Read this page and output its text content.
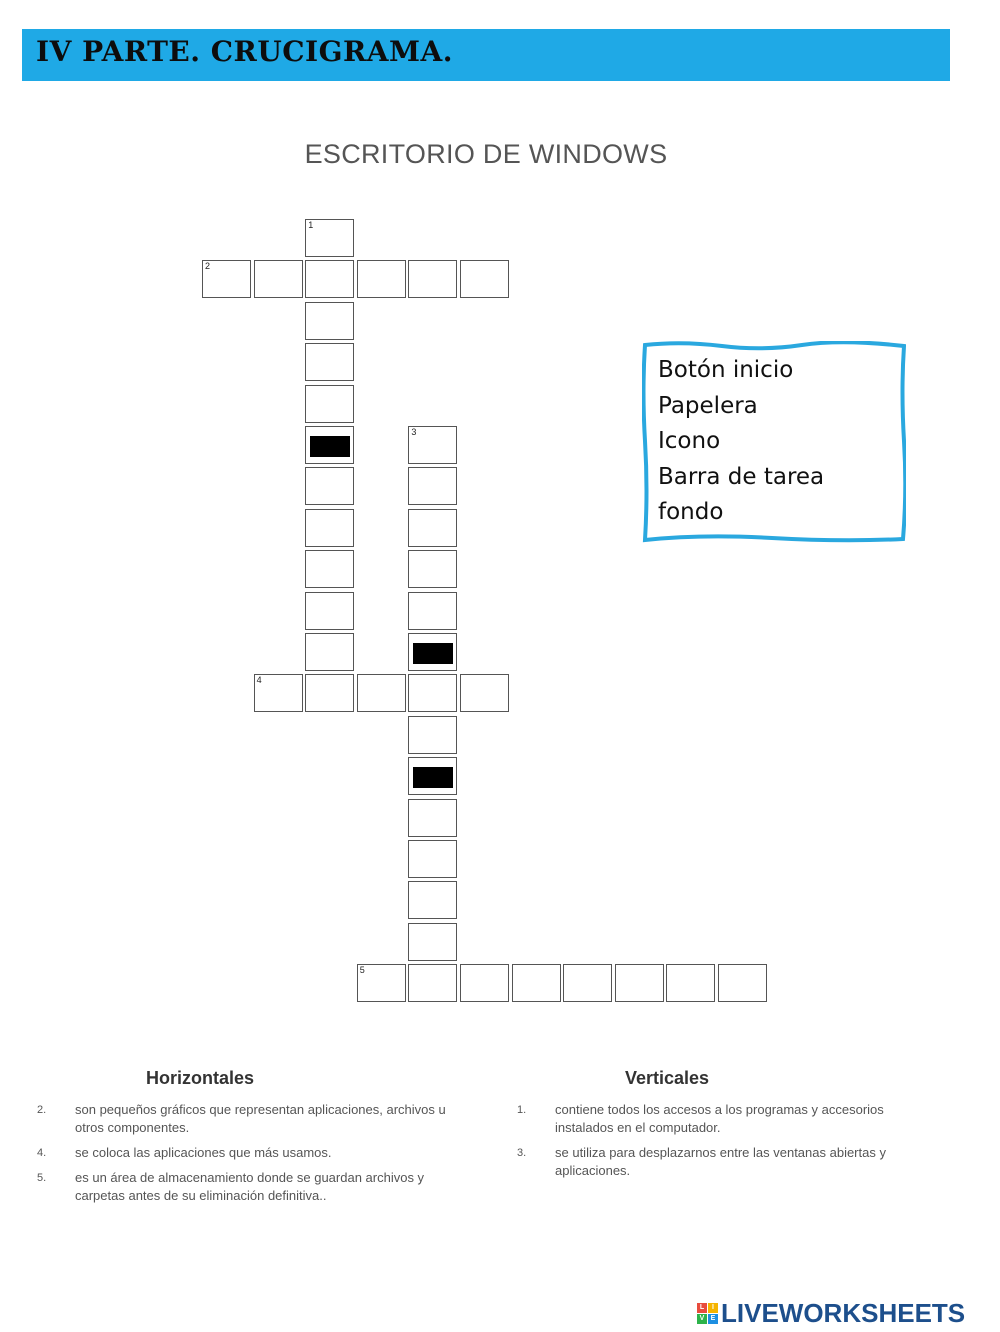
IV PARTE. CRUCIGRAMA.
ESCRITORIO DE WINDOWS
1
2
3
4
5
Botón inicio
Papelera
Icono
Barra de tarea
fondo
Horizontales	Verticales
2. son pequeños gráficos que representan aplicaciones, archivos u otros componentes.
4. se coloca las aplicaciones que más usamos.
5. es un área de almacenamiento donde se guardan archivos y carpetas antes de su eliminación definitiva..
1. contiene todos los accesos a los programas y accesorios instalados en el computador.
3. se utiliza para desplazarnos entre las ventanas abiertas y aplicaciones.
L	I
V E LIVEWORKSHEETS
